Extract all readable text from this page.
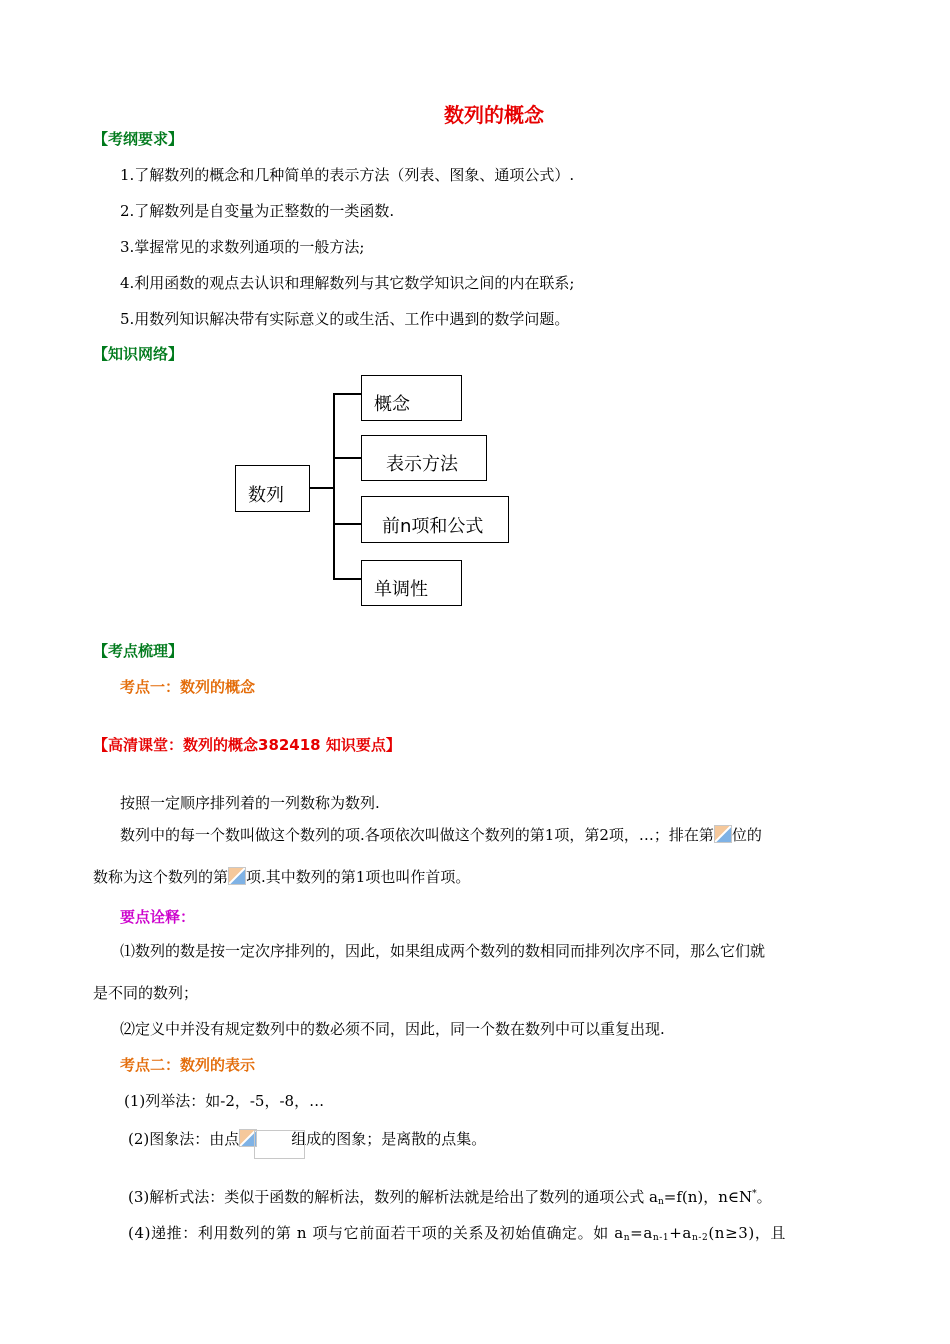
数列的概念
【考纲要求】
1.了解数列的概念和几种简单的表示方法（列表、图象、通项公式）.
2.了解数列是自变量为正整数的一类函数.
3.掌握常见的求数列通项的一般方法;
4.利用函数的观点去认识和理解数列与其它数学知识之间的内在联系;
5.用数列知识解决带有实际意义的或生活、工作中遇到的数学问题。
【知识网络】
数列
概念
表示方法
前n项和公式
单调性
【考点梳理】
考点一：数列的概念
【高清课堂：数列的概念382418 知识要点】
按照一定顺序排列着的一列数称为数列.
数列中的每一个数叫做这个数列的项.各项依次叫做这个数列的第1项，第2项，…；排在第 位的
数称为这个数列的第 项.其中数列的第1项也叫作首项。
要点诠释：
⑴数列的数是按一定次序排列的，因此，如果组成两个数列的数相同而排列次序不同，那么它们就
是不同的数列；
⑵定义中并没有规定数列中的数必须不同，因此，同一个数在数列中可以重复出现.
考点二：数列的表示
(1)列举法：如-2，-5，-8，…
(2)图象法：由点	组成的图象；是离散的点集。
(3)解析式法：类似于函数的解析法，数列的解析法就是给出了数列的通项公式 an=f(n)，n∈N*。
(4)递推：利用数列的第 n 项与它前面若干项的关系及初始值确定。如 an=an-1+an-2(n≥3)，且
